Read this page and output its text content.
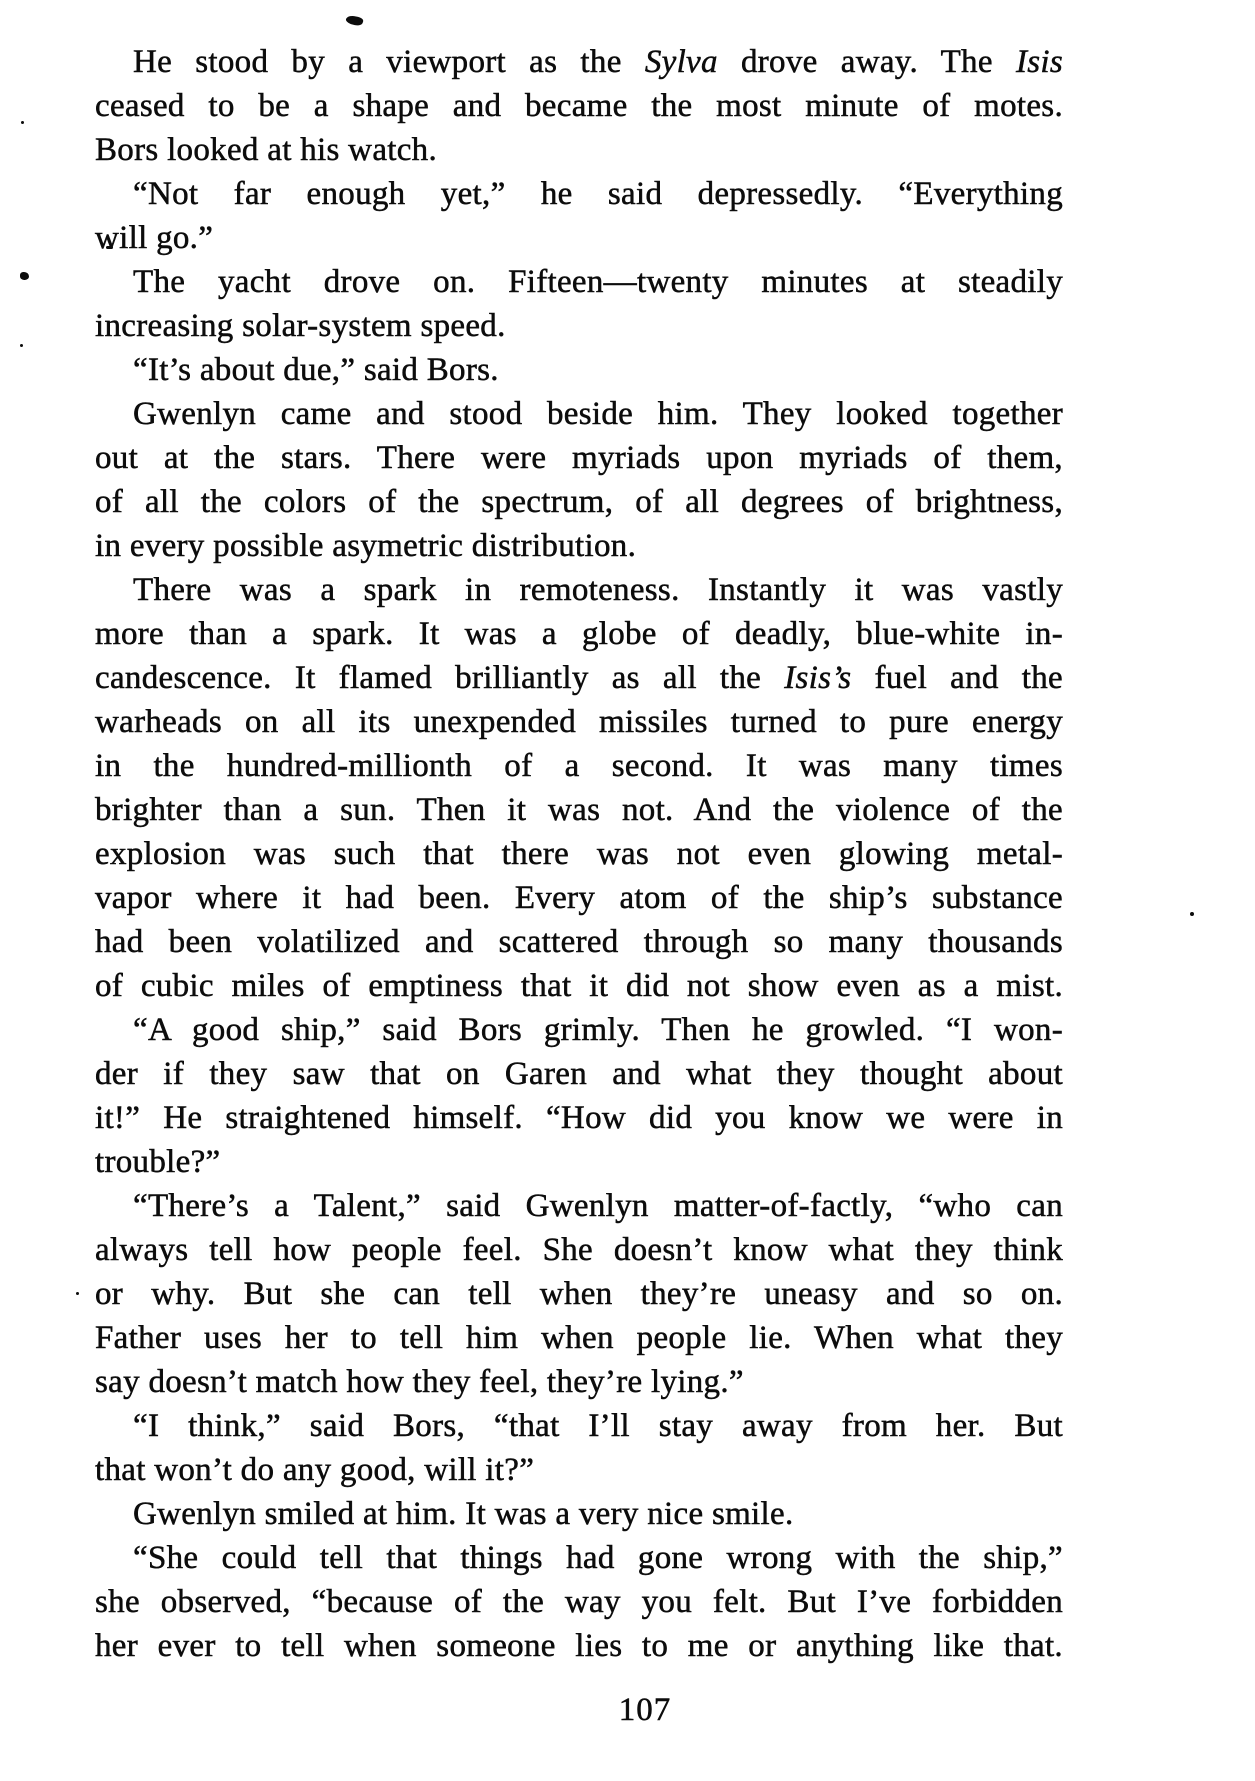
He stood by a viewport as the Sylva drove away. The Isis
ceased to be a shape and became the most minute of motes.
Bors looked at his watch.
“Not far enough yet,” he said depressedly. “Everything
will go.”
The yacht drove on. Fifteen—twenty minutes at steadily
increasing solar-system speed.
“It’s about due,” said Bors.
Gwenlyn came and stood beside him. They looked together
out at the stars. There were myriads upon myriads of them,
of all the colors of the spectrum, of all degrees of brightness,
in every possible asymetric distribution.
There was a spark in remoteness. Instantly it was vastly
more than a spark. It was a globe of deadly, blue-white in-
candescence. It flamed brilliantly as all the Isis’s fuel and the
warheads on all its unexpended missiles turned to pure energy
in the hundred-millionth of a second. It was many times
brighter than a sun. Then it was not. And the violence of the
explosion was such that there was not even glowing metal-
vapor where it had been. Every atom of the ship’s substance
had been volatilized and scattered through so many thousands
of cubic miles of emptiness that it did not show even as a mist.
“A good ship,” said Bors grimly. Then he growled. “I won-
der if they saw that on Garen and what they thought about
it!” He straightened himself. “How did you know we were in
trouble?”
“There’s a Talent,” said Gwenlyn matter-of-factly, “who can
always tell how people feel. She doesn’t know what they think
or why. But she can tell when they’re uneasy and so on.
Father uses her to tell him when people lie. When what they
say doesn’t match how they feel, they’re lying.”
“I think,” said Bors, “that I’ll stay away from her. But
that won’t do any good, will it?”
Gwenlyn smiled at him. It was a very nice smile.
“She could tell that things had gone wrong with the ship,”
she observed, “because of the way you felt. But I’ve forbidden
her ever to tell when someone lies to me or anything like that.
107
